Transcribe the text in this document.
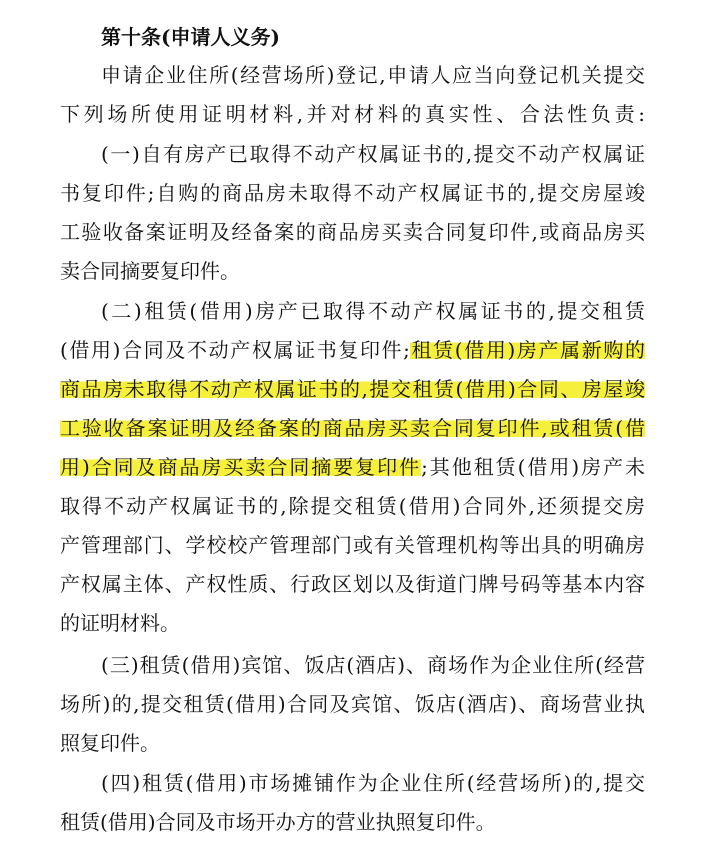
第十条(申请人义务)
申请企业住所(经营场所)登记,申请人应当向登记机关提交
下列场所使用证明材料,并对材料的真实性、合法性负责:
(一)自有房产已取得不动产权属证书的,提交不动产权属证
书复印件;自购的商品房未取得不动产权属证书的,提交房屋竣
工验收备案证明及经备案的商品房买卖合同复印件,或商品房买
卖合同摘要复印件。
(二)租赁(借用)房产已取得不动产权属证书的,提交租赁
(借用)合同及不动产权属证书复印件;租赁(借用)房产属新购的
商品房未取得不动产权属证书的,提交租赁(借用)合同、房屋竣
工验收备案证明及经备案的商品房买卖合同复印件,或租赁(借
用)合同及商品房买卖合同摘要复印件;其他租赁(借用)房产未
取得不动产权属证书的,除提交租赁(借用)合同外,还须提交房
产管理部门、学校校产管理部门或有关管理机构等出具的明确房
产权属主体、产权性质、行政区划以及街道门牌号码等基本内容
的证明材料。
(三)租赁(借用)宾馆、饭店(酒店)、商场作为企业住所(经营
场所)的,提交租赁(借用)合同及宾馆、饭店(酒店)、商场营业执
照复印件。
(四)租赁(借用)市场摊铺作为企业住所(经营场所)的,提交
租赁(借用)合同及市场开办方的营业执照复印件。
